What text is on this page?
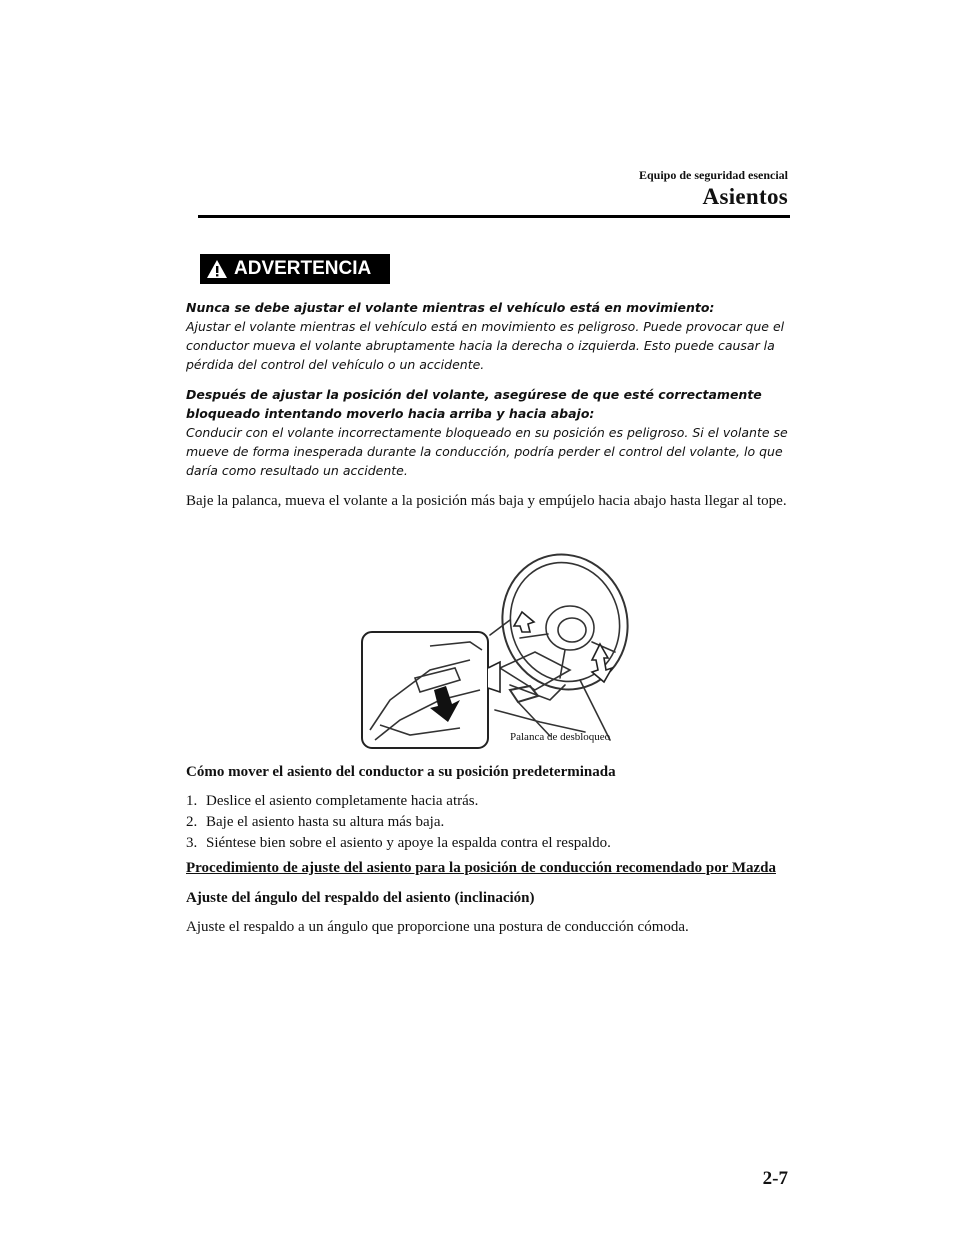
Equipo de seguridad esencial
Asientos
ADVERTENCIA

Nunca se debe ajustar el volante mientras el vehículo está en movimiento:
Ajustar el volante mientras el vehículo está en movimiento es peligroso. Puede provocar que el conductor mueva el volante abruptamente hacia la derecha o izquierda. Esto puede causar la pérdida del control del vehículo o un accidente.

Después de ajustar la posición del volante, asegúrese de que esté correctamente bloqueado intentando moverlo hacia arriba y hacia abajo:
Conducir con el volante incorrectamente bloqueado en su posición es peligroso. Si el volante se mueve de forma inesperada durante la conducción, podría perder el control del volante, lo que daría como resultado un accidente.

Baje la palanca, mueva el volante a la posición más baja y empújelo hacia abajo hasta llegar al tope.

Palanca de desbloqueo
Cómo mover el asiento del conductor a su posición predeterminada
1. Deslice el asiento completamente hacia atrás.
2. Baje el asiento hasta su altura más baja.
3. Siéntese bien sobre el asiento y apoye la espalda contra el respaldo.
Procedimiento de ajuste del asiento para la posición de conducción recomendado por Mazda
Ajuste del ángulo del respaldo del asiento (inclinación)

Ajuste el respaldo a un ángulo que proporcione una postura de conducción cómoda.

2-7
